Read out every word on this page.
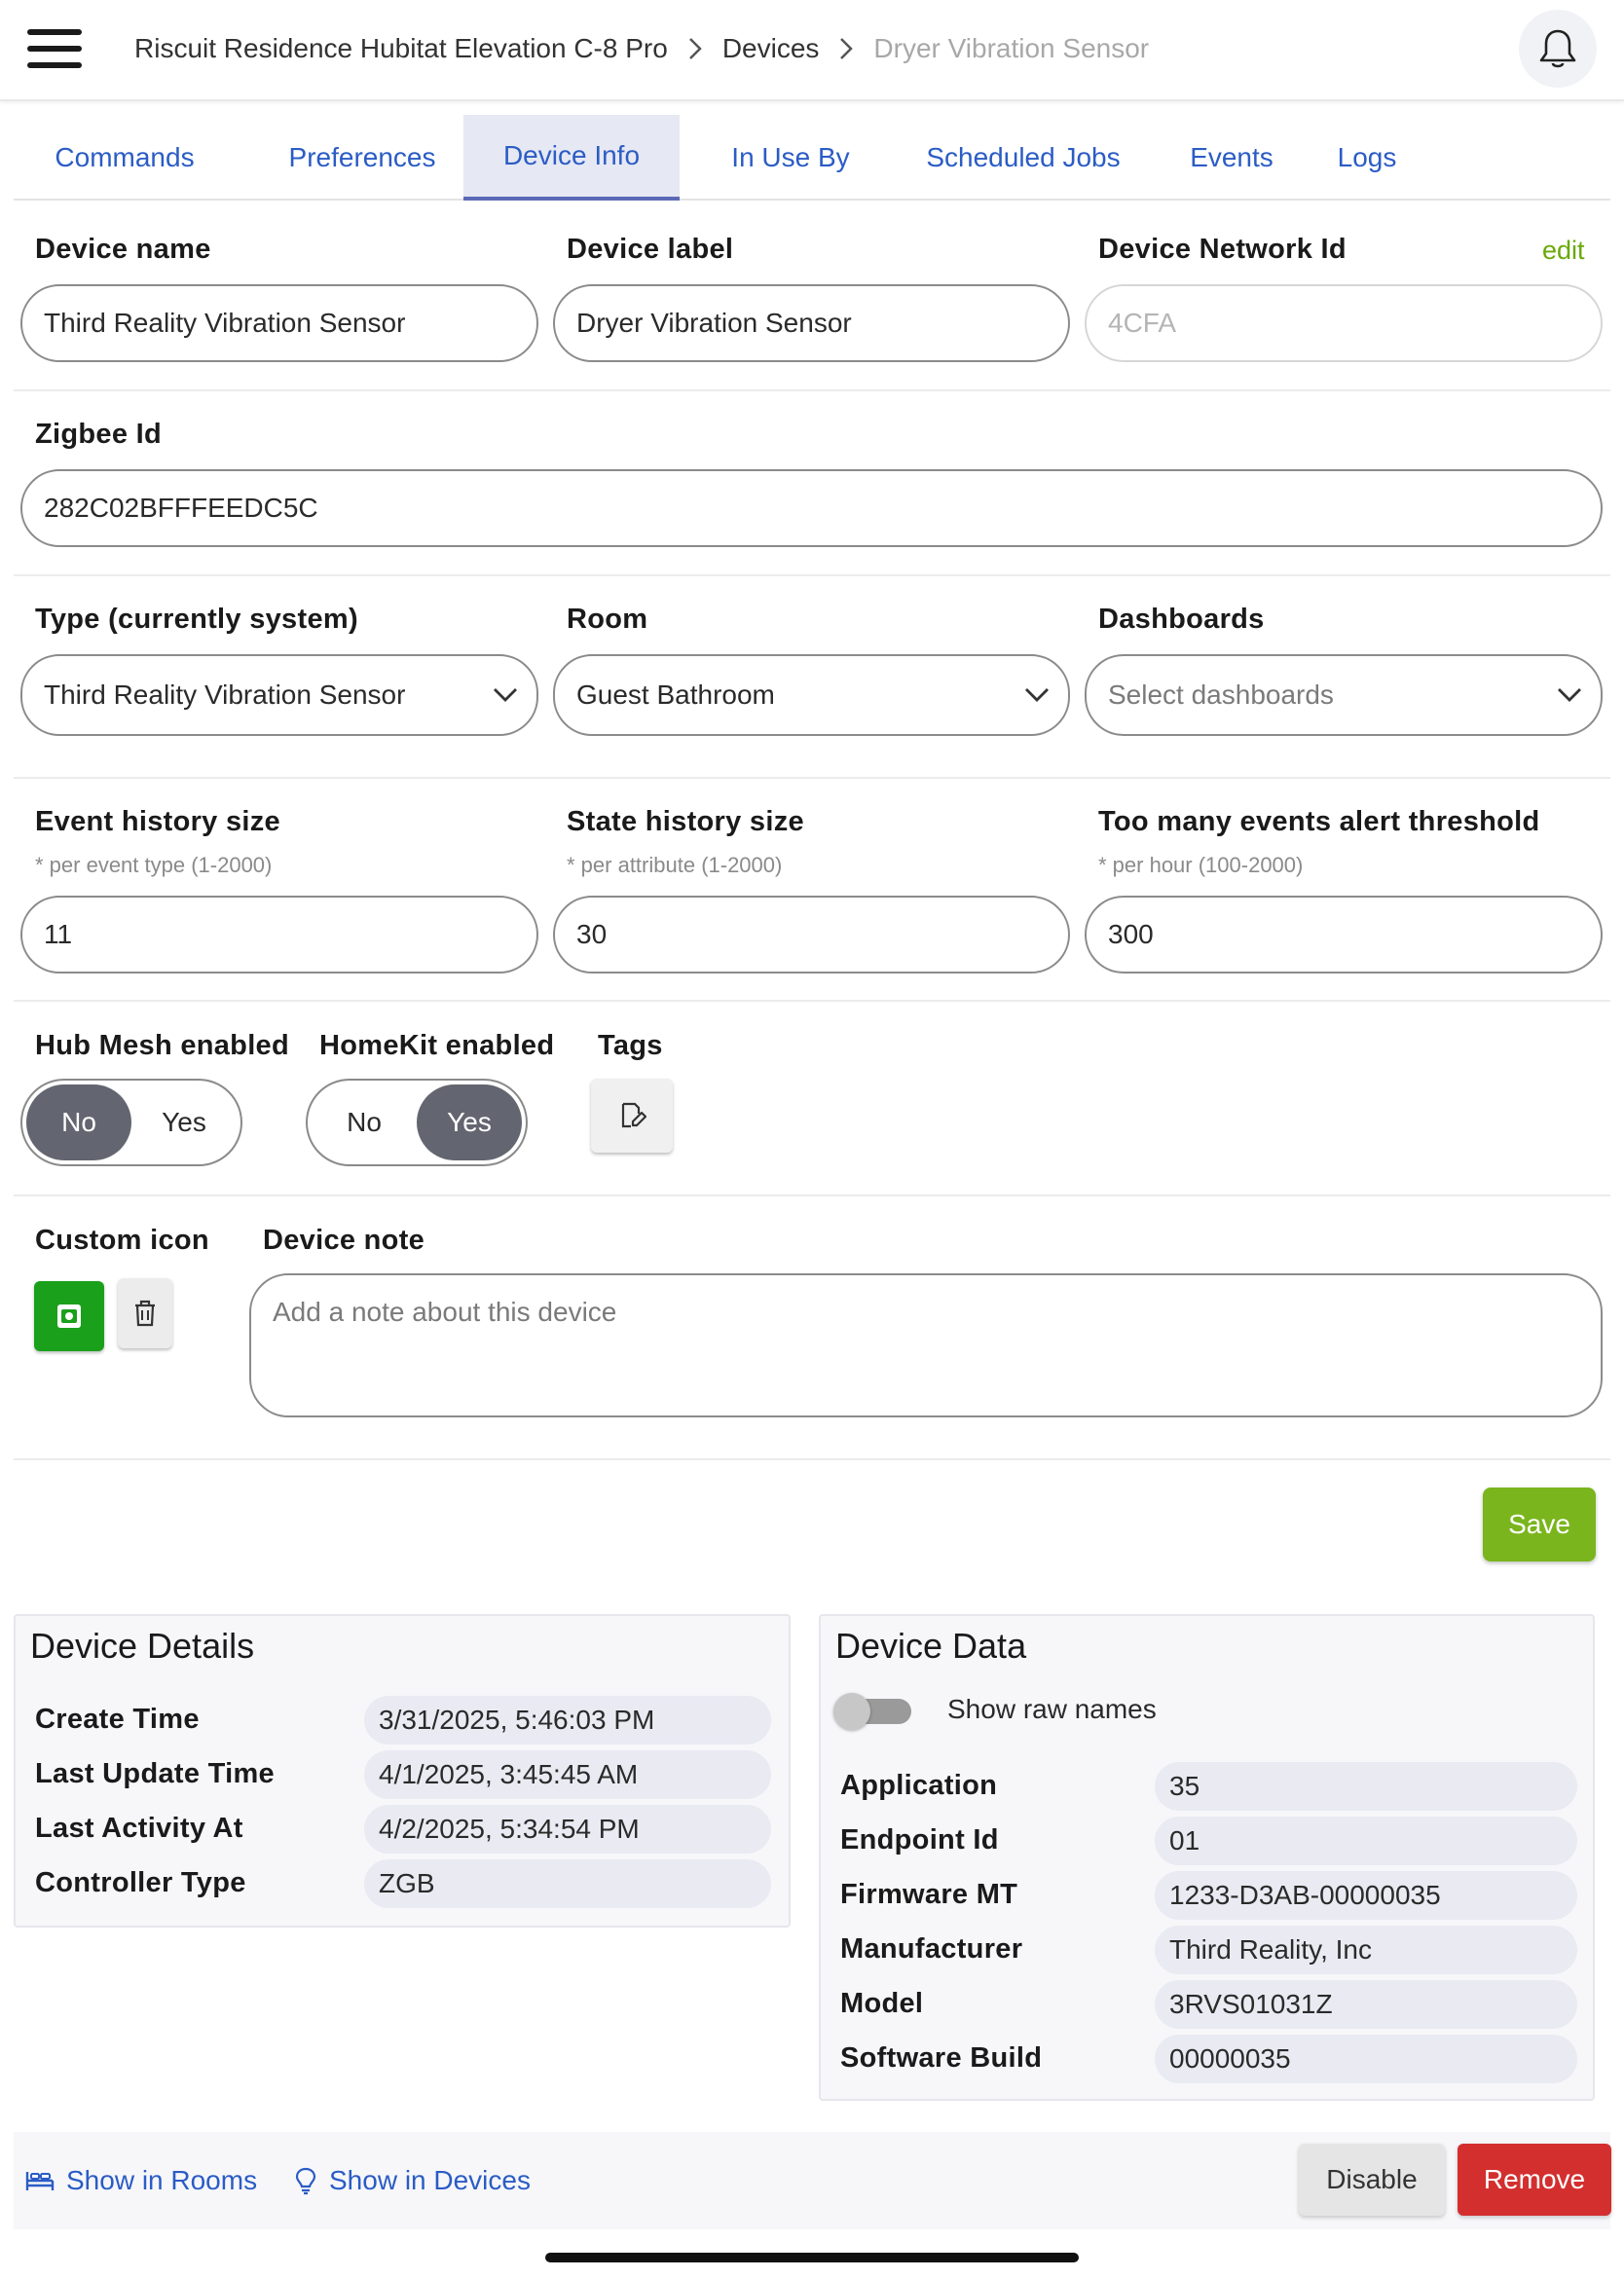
Riscuit Residence Hubitat Elevation C-8 Pro Devices Dryer Vibration Sensor
Commands	Preferences	Device Info	In Use By	Scheduled Jobs	Events	Logs
Device name	Device label	Device Network Id	edit
Third Reality Vibration Sensor	Dryer Vibration Sensor	4CFA
Zigbee Id
282C02BFFFEEDC5C
Type (currently system)	Room	Dashboards
Third Reality Vibration Sensor	Guest Bathroom	Select dashboards
Event history size	State history size	Too many events alert threshold
* per event type (1-2000)	* per attribute (1-2000)	* per hour (100-2000)
11	30	300
Hub Mesh enabled HomeKit enabled Tags
No	Yes	No	Yes
Custom icon Device note
Add a note about this device
Save
Device Details
Create Time	3/31/2025, 5:46:03 PM
Last Update Time	4/1/2025, 3:45:45 AM
Last Activity At	4/2/2025, 5:34:54 PM
Controller Type	ZGB
Device Data
Show raw names
Application	35
Endpoint Id	01
Firmware MT	1233-D3AB-00000035
Manufacturer	Third Reality, Inc
Model	3RVS01031Z
Software Build	00000035
Show in Rooms	Show in Devices	Disable	Remove
